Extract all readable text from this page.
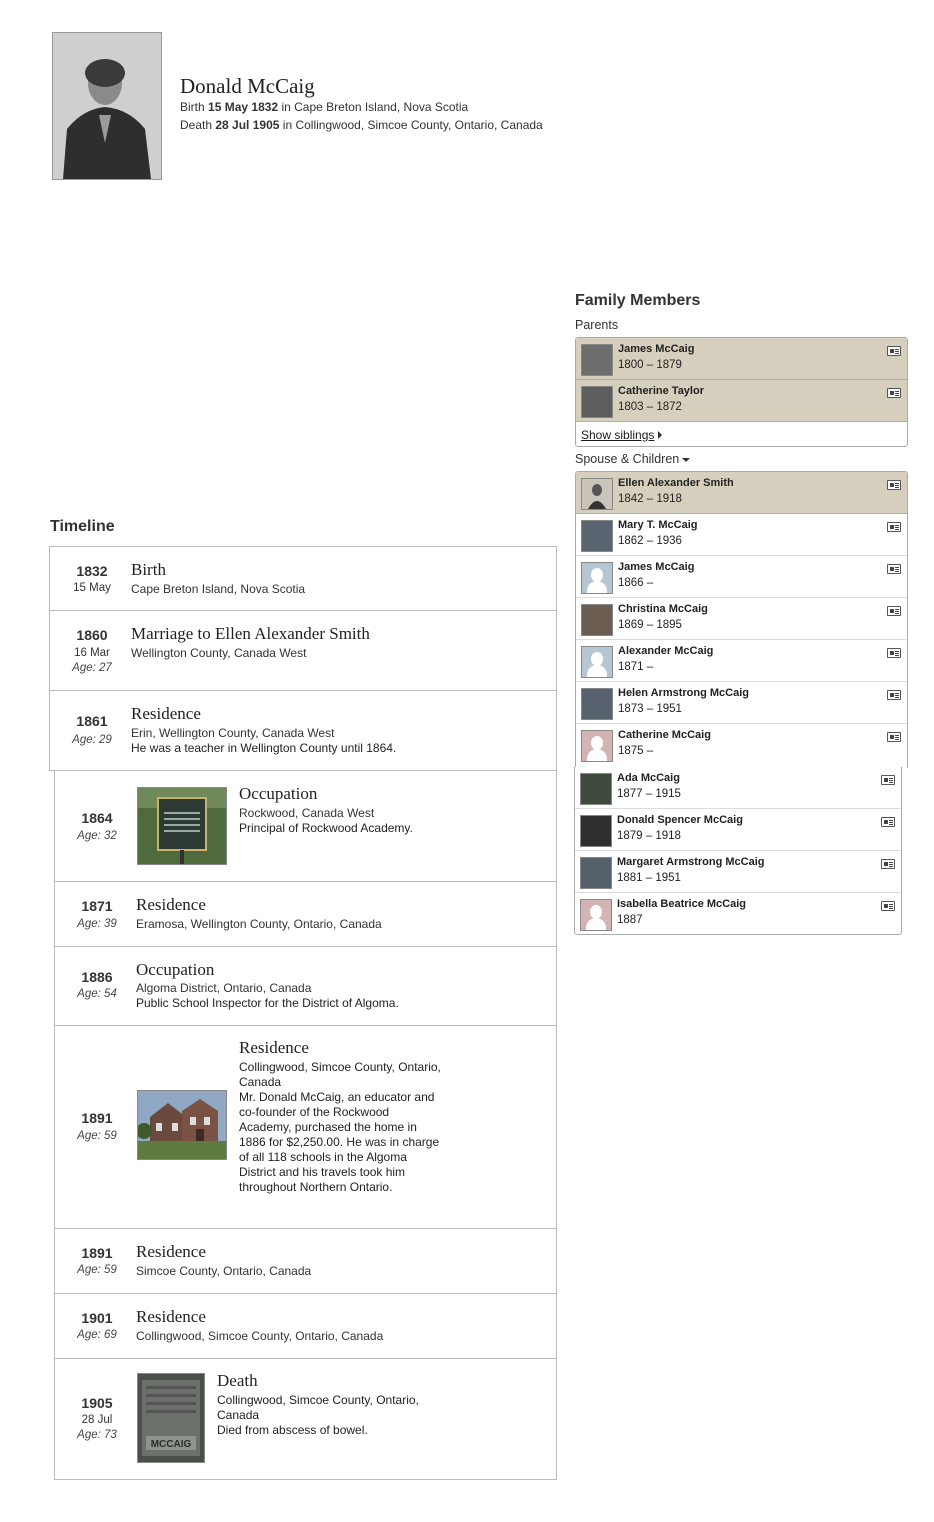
Donald McCaig
Birth 15 May 1832 in Cape Breton Island, Nova Scotia
Death 28 Jul 1905 in Collingwood, Simcoe County, Ontario, Canada
Timeline
1832
15 May
Birth
Cape Breton Island, Nova Scotia
1860
16 Mar
Age: 27
Marriage to Ellen Alexander Smith
Wellington County, Canada West
1861
Age: 29
Residence
Erin, Wellington County, Canada West
He was a teacher in Wellington County until 1864.
1864
Age: 32
Occupation
Rockwood, Canada West
Principal of Rockwood Academy.
1871
Age: 39
Residence
Eramosa, Wellington County, Ontario, Canada
1886
Age: 54
Occupation
Algoma District, Ontario, Canada
Public School Inspector for the District of Algoma.
1891
Age: 59
Residence
Collingwood, Simcoe County, Ontario, Canada
Mr. Donald McCaig, an educator and co-founder of the Rockwood Academy, purchased the home in 1886 for $2,250.00. He was in charge of all 118 schools in the Algoma District and his travels took him throughout Northern Ontario.
1891
Age: 59
Residence
Simcoe County, Ontario, Canada
1901
Age: 69
Residence
Collingwood, Simcoe County, Ontario, Canada
1905
28 Jul
Age: 73
MCCAIG
Death
Collingwood, Simcoe County, Ontario, Canada
Died from abscess of bowel.
Family Members
Parents
James McCaig
1800 – 1879
Catherine Taylor
1803 – 1872
Show siblings
Spouse & Children
Ellen Alexander Smith
1842 – 1918
Mary T. McCaig
1862 – 1936
James McCaig
1866 –
Christina McCaig
1869 – 1895
Alexander McCaig
1871 –
Helen Armstrong McCaig
1873 – 1951
Catherine McCaig
1875 –
Ada McCaig
1877 – 1915
Donald Spencer McCaig
1879 – 1918
Margaret Armstrong McCaig
1881 – 1951
Isabella Beatrice McCaig
1887
